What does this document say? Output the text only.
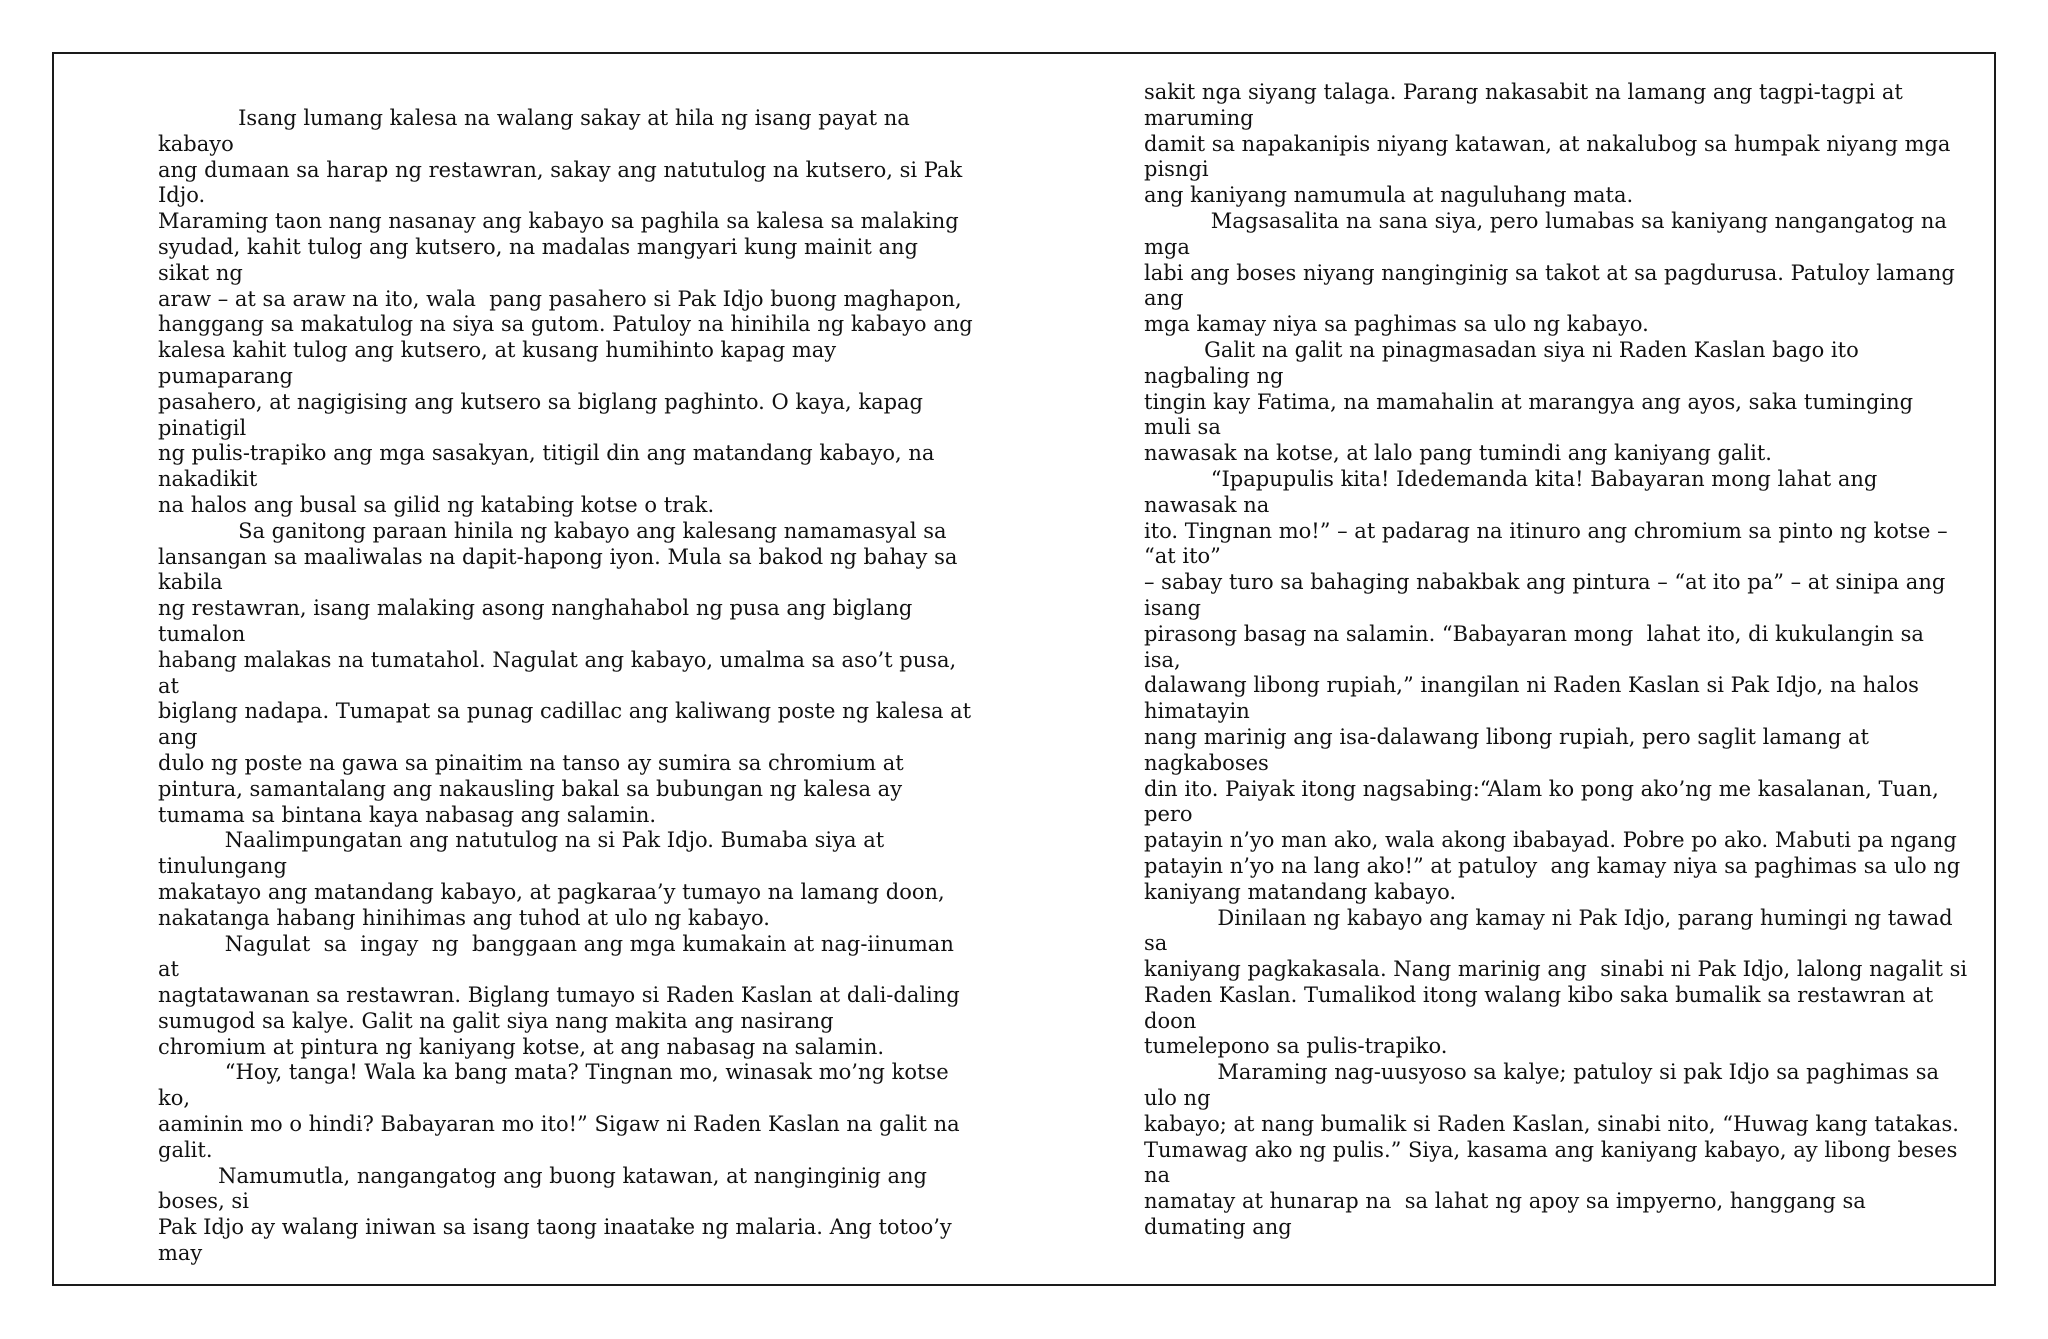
Isang lumang kalesa na walang sakay at hila ng isang payat na
kabayo
ang dumaan sa harap ng restawran, sakay ang natutulog na kutsero, si Pak
Idjo.
Maraming taon nang nasanay ang kabayo sa paghila sa kalesa sa malaking
syudad, kahit tulog ang kutsero, na madalas mangyari kung mainit ang
sikat ng
araw – at sa araw na ito, wala  pang pasahero si Pak Idjo buong maghapon,
hanggang sa makatulog na siya sa gutom. Patuloy na hinihila ng kabayo ang
kalesa kahit tulog ang kutsero, at kusang humihinto kapag may
pumaparang
pasahero, at nagigising ang kutsero sa biglang paghinto. O kaya, kapag
pinatigil
ng pulis-trapiko ang mga sasakyan, titigil din ang matandang kabayo, na
nakadikit
na halos ang busal sa gilid ng katabing kotse o trak.
Sa ganitong paraan hinila ng kabayo ang kalesang namamasyal sa
lansangan sa maaliwalas na dapit-hapong iyon. Mula sa bakod ng bahay sa
kabila
ng restawran, isang malaking asong nanghahabol ng pusa ang biglang
tumalon
habang malakas na tumatahol. Nagulat ang kabayo, umalma sa aso’t pusa,
at
biglang nadapa. Tumapat sa punag cadillac ang kaliwang poste ng kalesa at
ang
dulo ng poste na gawa sa pinaitim na tanso ay sumira sa chromium at
pintura, samantalang ang nakausling bakal sa bubungan ng kalesa ay
tumama sa bintana kaya nabasag ang salamin.
Naalimpungatan ang natutulog na si Pak Idjo. Bumaba siya at
tinulungang
makatayo ang matandang kabayo, at pagkaraa’y tumayo na lamang doon,
nakatanga habang hinihimas ang tuhod at ulo ng kabayo.
Nagulat  sa  ingay  ng  banggaan ang mga kumakain at nag-iinuman
at
nagtatawanan sa restawran. Biglang tumayo si Raden Kaslan at dali-daling
sumugod sa kalye. Galit na galit siya nang makita ang nasirang
chromium at pintura ng kaniyang kotse, at ang nabasag na salamin.
“Hoy, tanga! Wala ka bang mata? Tingnan mo, winasak mo’ng kotse
ko,
aaminin mo o hindi? Babayaran mo ito!” Sigaw ni Raden Kaslan na galit na
galit.
Namumutla, nangangatog ang buong katawan, at nanginginig ang
boses, si
Pak Idjo ay walang iniwan sa isang taong inaatake ng malaria. Ang totoo’y
may
sakit nga siyang talaga. Parang nakasabit na lamang ang tagpi-tagpi at
maruming
damit sa napakanipis niyang katawan, at nakalubog sa humpak niyang mga
pisngi
ang kaniyang namumula at naguluhang mata.
Magsasalita na sana siya, pero lumabas sa kaniyang nangangatog na
mga
labi ang boses niyang nanginginig sa takot at sa pagdurusa. Patuloy lamang
ang
mga kamay niya sa paghimas sa ulo ng kabayo.
Galit na galit na pinagmasadan siya ni Raden Kaslan bago ito
nagbaling ng
tingin kay Fatima, na mamahalin at marangya ang ayos, saka tuminging
muli sa
nawasak na kotse, at lalo pang tumindi ang kaniyang galit.
“Ipapupulis kita! Idedemanda kita! Babayaran mong lahat ang
nawasak na
ito. Tingnan mo!” – at padarag na itinuro ang chromium sa pinto ng kotse –
“at ito”
– sabay turo sa bahaging nabakbak ang pintura – “at ito pa” – at sinipa ang
isang
pirasong basag na salamin. “Babayaran mong  lahat ito, di kukulangin sa
isa,
dalawang libong rupiah,” inangilan ni Raden Kaslan si Pak Idjo, na halos
himatayin
nang marinig ang isa-dalawang libong rupiah, pero saglit lamang at
nagkaboses
din ito. Paiyak itong nagsabing:“Alam ko pong ako’ng me kasalanan, Tuan,
pero
patayin n’yo man ako, wala akong ibabayad. Pobre po ako. Mabuti pa ngang
patayin n’yo na lang ako!” at patuloy  ang kamay niya sa paghimas sa ulo ng
kaniyang matandang kabayo.
Dinilaan ng kabayo ang kamay ni Pak Idjo, parang humingi ng tawad
sa
kaniyang pagkakasala. Nang marinig ang  sinabi ni Pak Idjo, lalong nagalit si
Raden Kaslan. Tumalikod itong walang kibo saka bumalik sa restawran at
doon
tumelepono sa pulis-trapiko.
Maraming nag-uusyoso sa kalye; patuloy si pak Idjo sa paghimas sa
ulo ng
kabayo; at nang bumalik si Raden Kaslan, sinabi nito, “Huwag kang tatakas.
Tumawag ako ng pulis.” Siya, kasama ang kaniyang kabayo, ay libong beses
na
namatay at hunarap na  sa lahat ng apoy sa impyerno, hanggang sa
dumating ang
